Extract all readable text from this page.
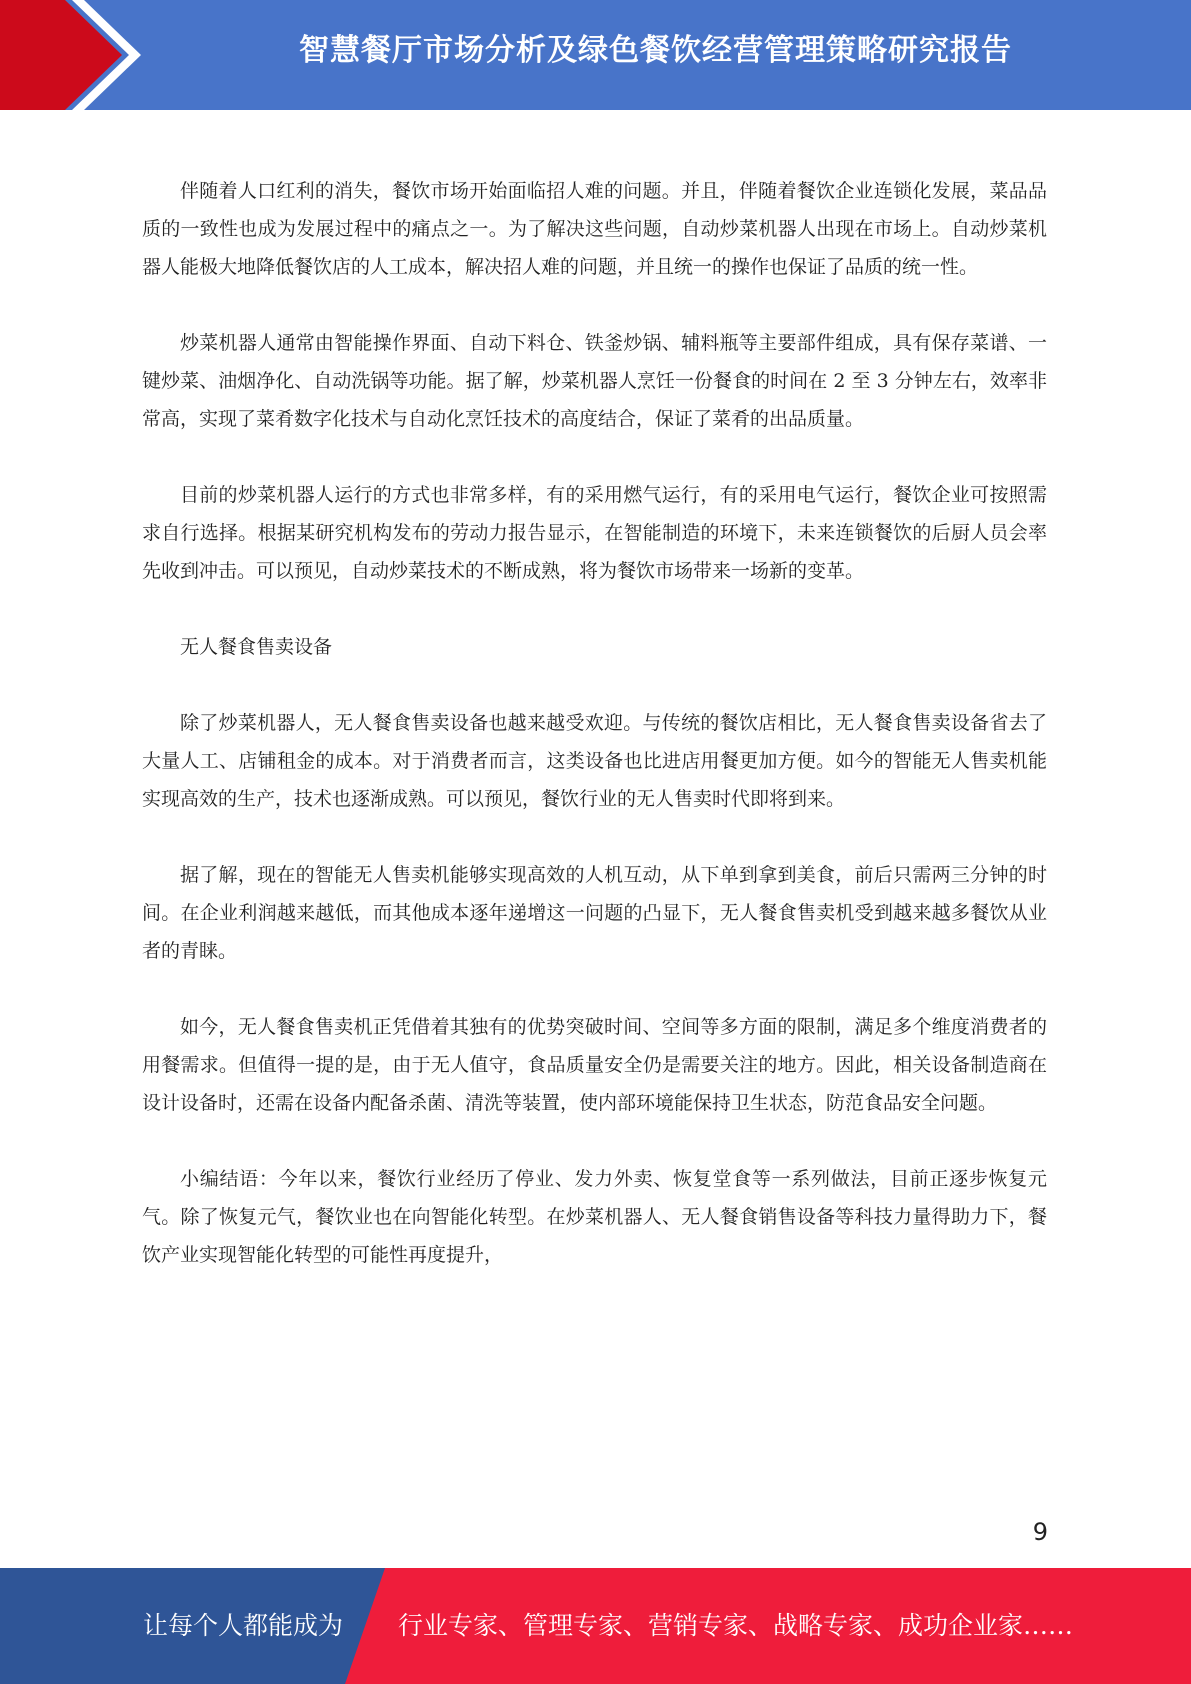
智慧餐厅市场分析及绿色餐饮经营管理策略研究报告

伴随着人口红利的消失，餐饮市场开始面临招人难的问题。并且，伴随着餐饮企业连锁化发展，菜品品质的一致性也成为发展过程中的痛点之一。为了解决这些问题，自动炒菜机器人出现在市场上。自动炒菜机器人能极大地降低餐饮店的人工成本，解决招人难的问题，并且统一的操作也保证了品质的统一性。

炒菜机器人通常由智能操作界面、自动下料仓、铁釜炒锅、辅料瓶等主要部件组成，具有保存菜谱、一键炒菜、油烟净化、自动洗锅等功能。据了解，炒菜机器人烹饪一份餐食的时间在 2 至 3 分钟左右，效率非常高，实现了菜肴数字化技术与自动化烹饪技术的高度结合，保证了菜肴的出品质量。

目前的炒菜机器人运行的方式也非常多样，有的采用燃气运行，有的采用电气运行，餐饮企业可按照需求自行选择。根据某研究机构发布的劳动力报告显示，在智能制造的环境下，未来连锁餐饮的后厨人员会率先收到冲击。可以预见，自动炒菜技术的不断成熟，将为餐饮市场带来一场新的变革。

无人餐食售卖设备

除了炒菜机器人，无人餐食售卖设备也越来越受欢迎。与传统的餐饮店相比，无人餐食售卖设备省去了大量人工、店铺租金的成本。对于消费者而言，这类设备也比进店用餐更加方便。如今的智能无人售卖机能实现高效的生产，技术也逐渐成熟。可以预见，餐饮行业的无人售卖时代即将到来。

据了解，现在的智能无人售卖机能够实现高效的人机互动，从下单到拿到美食，前后只需两三分钟的时间。在企业利润越来越低，而其他成本逐年递增这一问题的凸显下，无人餐食售卖机受到越来越多餐饮从业者的青睐。

如今，无人餐食售卖机正凭借着其独有的优势突破时间、空间等多方面的限制，满足多个维度消费者的用餐需求。但值得一提的是，由于无人值守，食品质量安全仍是需要关注的地方。因此，相关设备制造商在设计设备时，还需在设备内配备杀菌、清洗等装置，使内部环境能保持卫生状态，防范食品安全问题。

小编结语：今年以来，餐饮行业经历了停业、发力外卖、恢复堂食等一系列做法，目前正逐步恢复元气。除了恢复元气，餐饮业也在向智能化转型。在炒菜机器人、无人餐食销售设备等科技力量得助力下，餐饮产业实现智能化转型的可能性再度提升，

9
让每个人都能成为 行业专家、管理专家、营销专家、战略专家、成功企业家……
